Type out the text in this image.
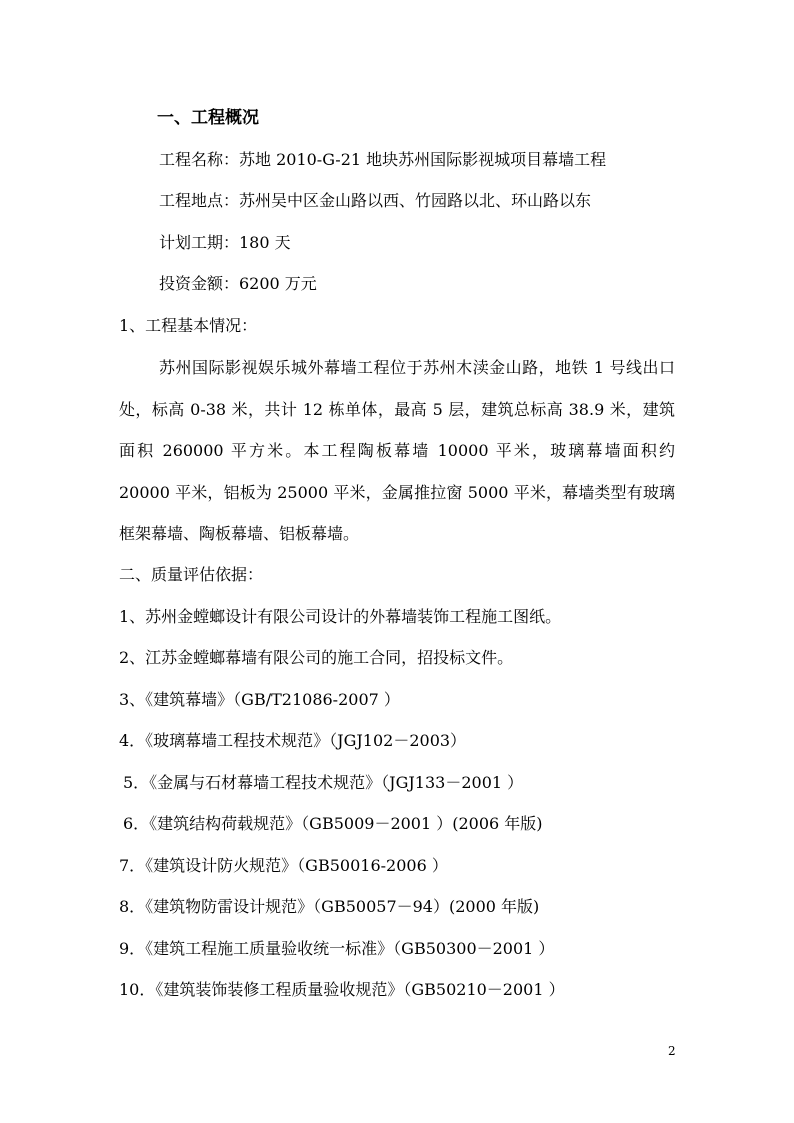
一、工程概况
工程名称：苏地 2010-G-21 地块苏州国际影视城项目幕墙工程
工程地点：苏州吴中区金山路以西、竹园路以北、环山路以东
计划工期：180 天
投资金额：6200 万元
1、工程基本情况：
苏州国际影视娱乐城外幕墙工程位于苏州木渎金山路，地铁 1 号线出口处，标高 0-38 米，共计 12 栋单体，最高 5 层，建筑总标高 38.9 米，建筑面积 260000 平方米。本工程陶板幕墙 10000 平米，玻璃幕墙面积约 20000 平米，铝板为 25000 平米，金属推拉窗 5000 平米，幕墙类型有玻璃框架幕墙、陶板幕墙、铝板幕墙。
二、质量评估依据：
1、苏州金螳螂设计有限公司设计的外幕墙装饰工程施工图纸。
2、江苏金螳螂幕墙有限公司的施工合同，招投标文件。
3、《建筑幕墙》（GB/T21086-2007 ）
4．《玻璃幕墙工程技术规范》（JGJ102－2003）
5．《金属与石材幕墙工程技术规范》（JGJ133－2001 ）
6．《建筑结构荷载规范》（GB5009－2001 ）(2006 年版)
7．《建筑设计防火规范》（GB50016-2006 ）
8．《建筑物防雷设计规范》（GB50057－94）(2000 年版)
9．《建筑工程施工质量验收统一标准》（GB50300－2001 ）
10．《建筑装饰装修工程质量验收规范》（GB50210－2001 ）
2
